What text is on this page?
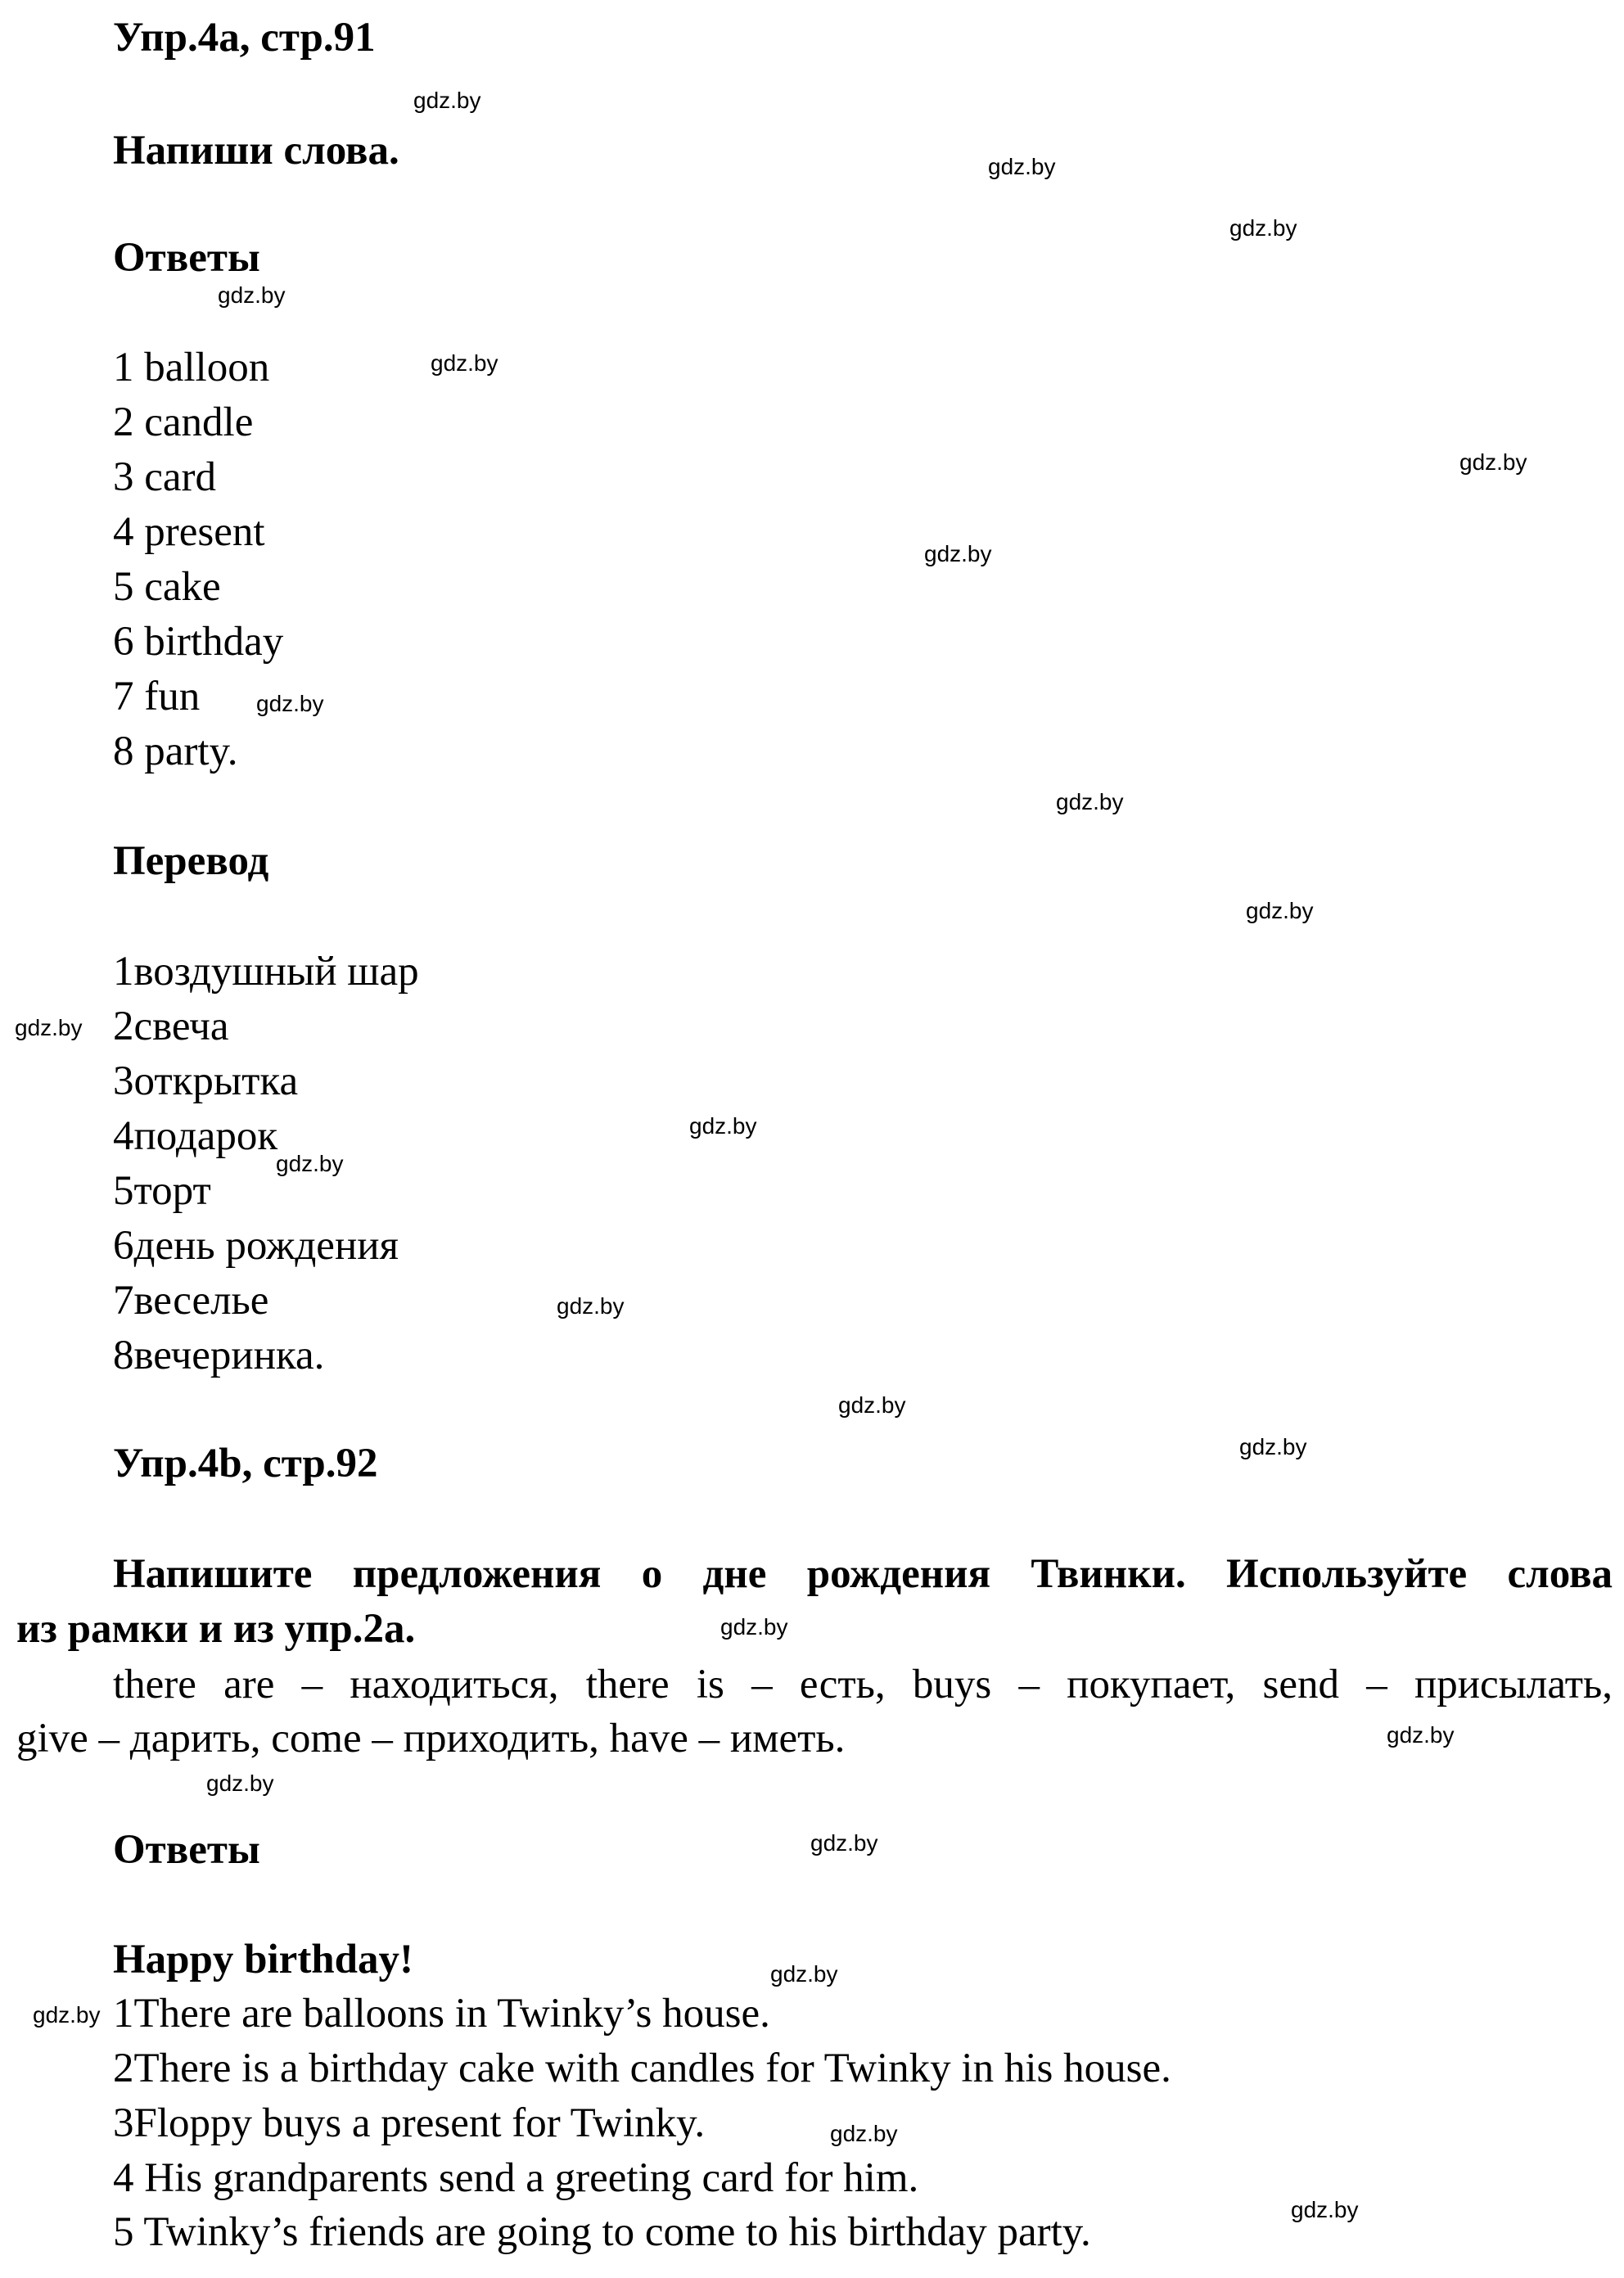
Упр.4а, стр.91
Напиши слова.
Ответы
1 balloon
2 candle
3 card
4 present
5 cake
6 birthday
7 fun
8 party.
Перевод
1воздушный шар
2свеча
3открытка
4подарок
5торт
6день рождения
7веселье
8вечеринка.
Упр.4b, стр.92
Напишите предложения о дне рождения Твинки. Используйте слова
из рамки и из упр.2a.
there are – находиться, there is – есть, buys – покупает, send – присылать,
give – дарить, come – приходить, have – иметь.
Ответы
Happy birthday!
1There are balloons in Twinky’s house.
2There is a birthday cake with candles for Twinky in his house.
3Floppy buys a present for Twinky.
4 His grandparents send a greeting card for him.
5 Twinky’s friends are going to come to his birthday party.
gdz.by
gdz.by
gdz.by
gdz.by
gdz.by
gdz.by
gdz.by
gdz.by
gdz.by
gdz.by
gdz.by
gdz.by
gdz.by
gdz.by
gdz.by
gdz.by
gdz.by
gdz.by
gdz.by
gdz.by
gdz.by
gdz.by
gdz.by
gdz.by
